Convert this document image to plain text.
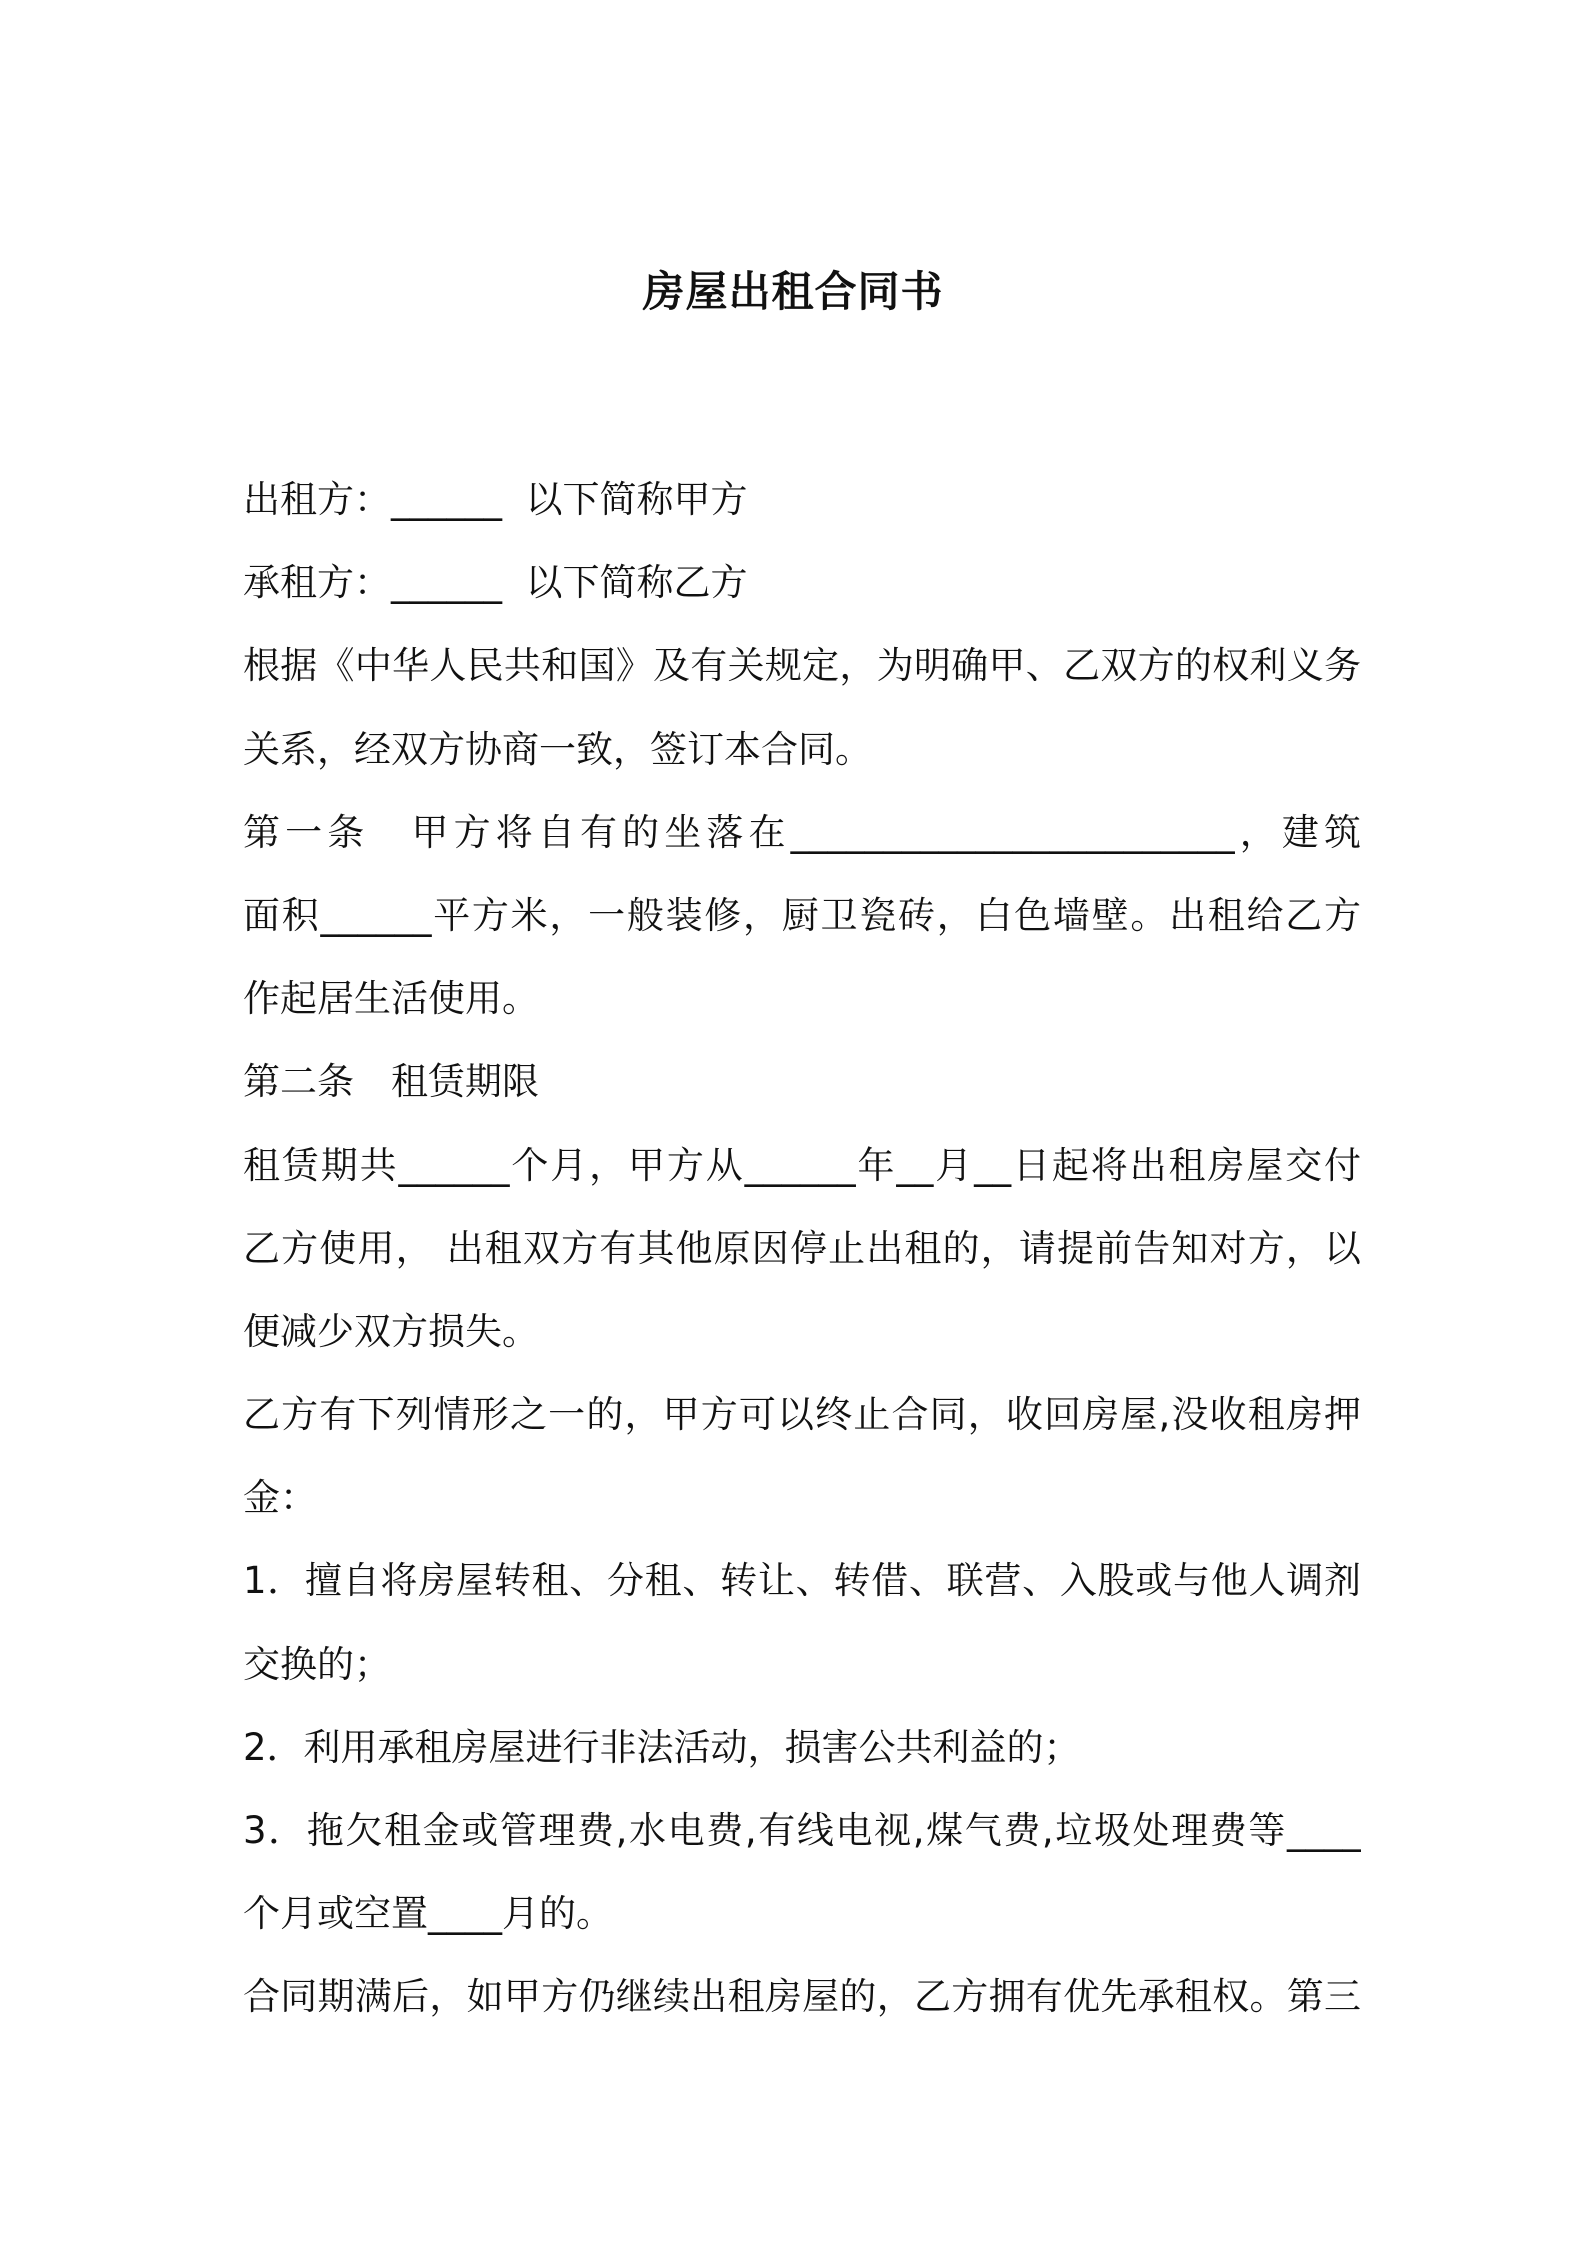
房屋出租合同书
出租方：______  以下简称甲方
承租方：______  以下简称乙方
根据《中华人民共和国》及有关规定，为明确甲、乙双方的权利义务
关系，经双方协商一致，签订本合同。
第一条　甲方将自有的坐落在________________________，建筑
面积______平方米，一般装修，厨卫瓷砖，白色墙壁。出租给乙方
作起居生活使用。
第二条　租赁期限
租赁期共______个月，甲方从______年__月__日起将出租房屋交付
乙方使用， 出租双方有其他原因停止出租的，请提前告知对方，以
便减少双方损失。
乙方有下列情形之一的，甲方可以终止合同，收回房屋,没收租房押
金：
1．擅自将房屋转租、分租、转让、转借、联营、入股或与他人调剂
交换的；
2．利用承租房屋进行非法活动，损害公共利益的；
3．拖欠租金或管理费,水电费,有线电视,煤气费,垃圾处理费等____
个月或空置____月的。
合同期满后，如甲方仍继续出租房屋的，乙方拥有优先承租权。第三
